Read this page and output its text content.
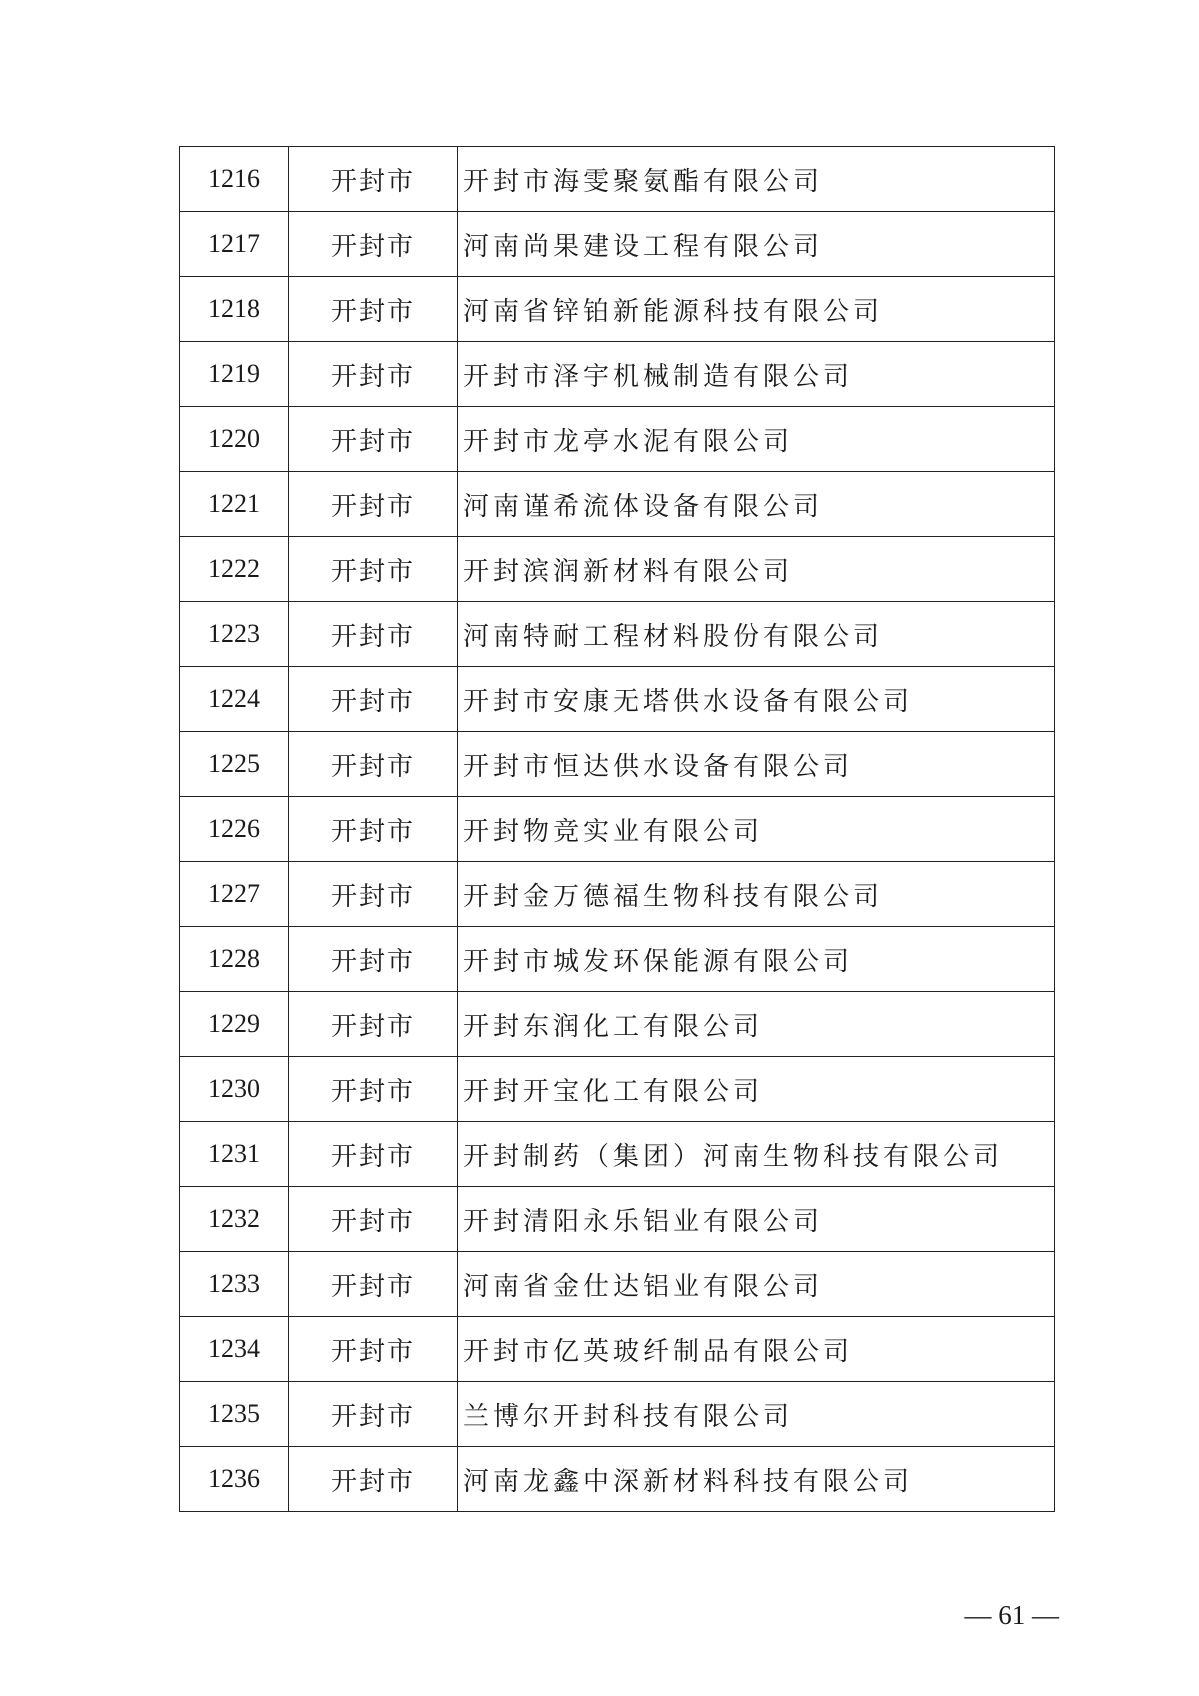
1216	开封市	开封市海雯聚氨酯有限公司
1217	开封市	河南尚果建设工程有限公司
1218	开封市	河南省锌铂新能源科技有限公司
1219	开封市	开封市泽宇机械制造有限公司
1220	开封市	开封市龙亭水泥有限公司
1221	开封市	河南谨希流体设备有限公司
1222	开封市	开封滨润新材料有限公司
1223	开封市	河南特耐工程材料股份有限公司
1224	开封市	开封市安康无塔供水设备有限公司
1225	开封市	开封市恒达供水设备有限公司
1226	开封市	开封物竞实业有限公司
1227	开封市	开封金万德福生物科技有限公司
1228	开封市	开封市城发环保能源有限公司
1229	开封市	开封东润化工有限公司
1230	开封市	开封开宝化工有限公司
1231	开封市	开封制药（集团）河南生物科技有限公司
1232	开封市	开封清阳永乐铝业有限公司
1233	开封市	河南省金仕达铝业有限公司
1234	开封市	开封市亿英玻纤制品有限公司
1235	开封市	兰博尔开封科技有限公司
1236	开封市	河南龙鑫中深新材料科技有限公司
— 61 —
